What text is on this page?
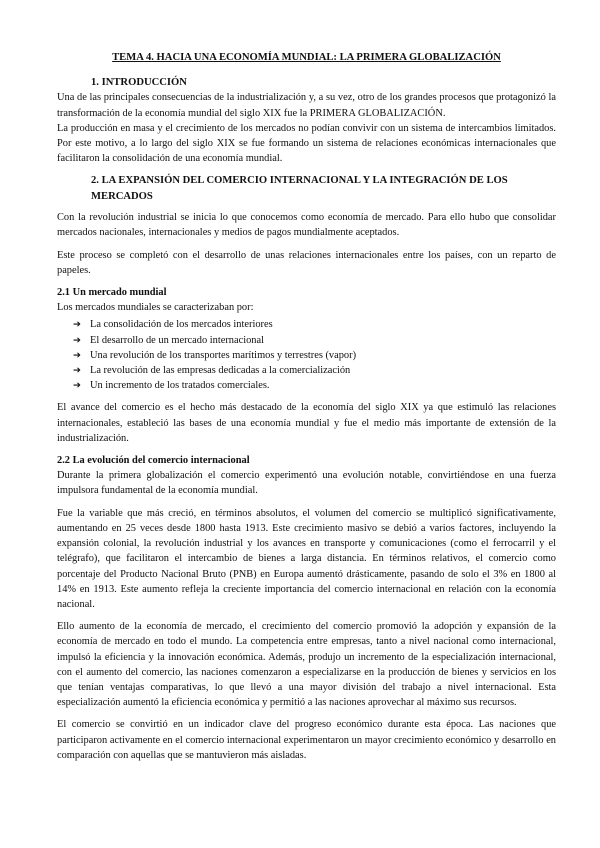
TEMA 4. HACIA UNA ECONOMÍA MUNDIAL: LA PRIMERA GLOBALIZACIÓN
1. INTRODUCCIÓN

Una de las principales consecuencias de la industrialización y, a su vez, otro de los grandes procesos que protagonizó la transformación de la economía mundial del siglo XIX fue la PRIMERA GLOBALIZACIÓN.

La producción en masa y el crecimiento de los mercados no podían convivir con un sistema de intercambios limitados. Por este motivo, a lo largo del siglo XIX se fue formando un sistema de relaciones económicas internacionales que facilitaron la consolidación de una economía mundial.

2. LA EXPANSIÓN DEL COMERCIO INTERNACIONAL Y LA INTEGRACIÓN DE LOS MERCADOS

Con la revolución industrial se inicia lo que conocemos como economía de mercado. Para ello hubo que consolidar mercados nacionales, internacionales y medios de pagos mundialmente aceptados.

Este proceso se completó con el desarrollo de unas relaciones internacionales entre los países, con un reparto de papeles.

2.1 Un mercado mundial

Los mercados mundiales se caracterizaban por:

➔ La consolidación de los mercados interiores
➔ El desarrollo de un mercado internacional
➔ Una revolución de los transportes marítimos y terrestres (vapor)
➔ La revolución de las empresas dedicadas a la comercialización
➔ Un incremento de los tratados comerciales.

El avance del comercio es el hecho más destacado de la economía del siglo XIX ya que estimuló las relaciones internacionales, estableció las bases de una economía mundial y fue el medio más importante de extensión de la industrialización.

2.2 La evolución del comercio internacional

Durante la primera globalización el comercio experimentó una evolución notable, convirtiéndose en una fuerza impulsora fundamental de la economía mundial.

Fue la variable que más creció, en términos absolutos, el volumen del comercio se multiplicó significativamente, aumentando en 25 veces desde 1800 hasta 1913. Este crecimiento masivo se debió a varios factores, incluyendo la expansión colonial, la revolución industrial y los avances en transporte y comunicaciones (como el ferrocarril y el telégrafo), que facilitaron el intercambio de bienes a larga distancia. En términos relativos, el comercio como porcentaje del Producto Nacional Bruto (PNB) en Europa aumentó drásticamente, pasando de solo el 3% en 1800 al 14% en 1913. Este aumento refleja la creciente importancia del comercio internacional en relación con la economía nacional.

Ello aumento de la economía de mercado, el crecimiento del comercio promovió la adopción y expansión de la economía de mercado en todo el mundo. La competencia entre empresas, tanto a nivel nacional como internacional, impulsó la eficiencia y la innovación económica. Además, produjo un incremento de la especialización internacional, con el aumento del comercio, las naciones comenzaron a especializarse en la producción de bienes y servicios en los que tenían ventajas comparativas, lo que llevó a una mayor división del trabajo a nivel internacional. Esta especialización aumentó la eficiencia económica y permitió a las naciones aprovechar al máximo sus recursos.

El comercio se convirtió en un indicador clave del progreso económico durante esta época. Las naciones que participaron activamente en el comercio internacional experimentaron un mayor crecimiento económico y desarrollo en comparación con aquellas que se mantuvieron más aisladas.
